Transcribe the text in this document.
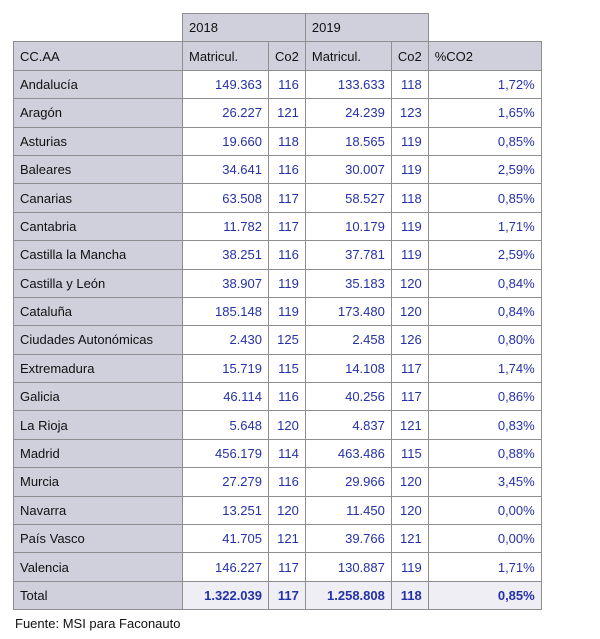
	2018		2019		
CC.AA	Matricul.	Co2	Matricul.	Co2	%CO2
Andalucía	149.363	116	133.633	118	1,72%
Aragón	26.227	121	24.239	123	1,65%
Asturias	19.660	118	18.565	119	0,85%
Baleares	34.641	116	30.007	119	2,59%
Canarias	63.508	117	58.527	118	0,85%
Cantabria	11.782	117	10.179	119	1,71%
Castilla la Mancha	38.251	116	37.781	119	2,59%
Castilla y León	38.907	119	35.183	120	0,84%
Cataluña	185.148	119	173.480	120	0,84%
Ciudades Autonómicas	2.430	125	2.458	126	0,80%
Extremadura	15.719	115	14.108	117	1,74%
Galicia	46.114	116	40.256	117	0,86%
La Rioja	5.648	120	4.837	121	0,83%
Madrid	456.179	114	463.486	115	0,88%
Murcia	27.279	116	29.966	120	3,45%
Navarra	13.251	120	11.450	120	0,00%
País Vasco	41.705	121	39.766	121	0,00%
Valencia	146.227	117	130.887	119	1,71%
Total	1.322.039	117	1.258.808	118	0,85%
Fuente: MSI para Faconauto
